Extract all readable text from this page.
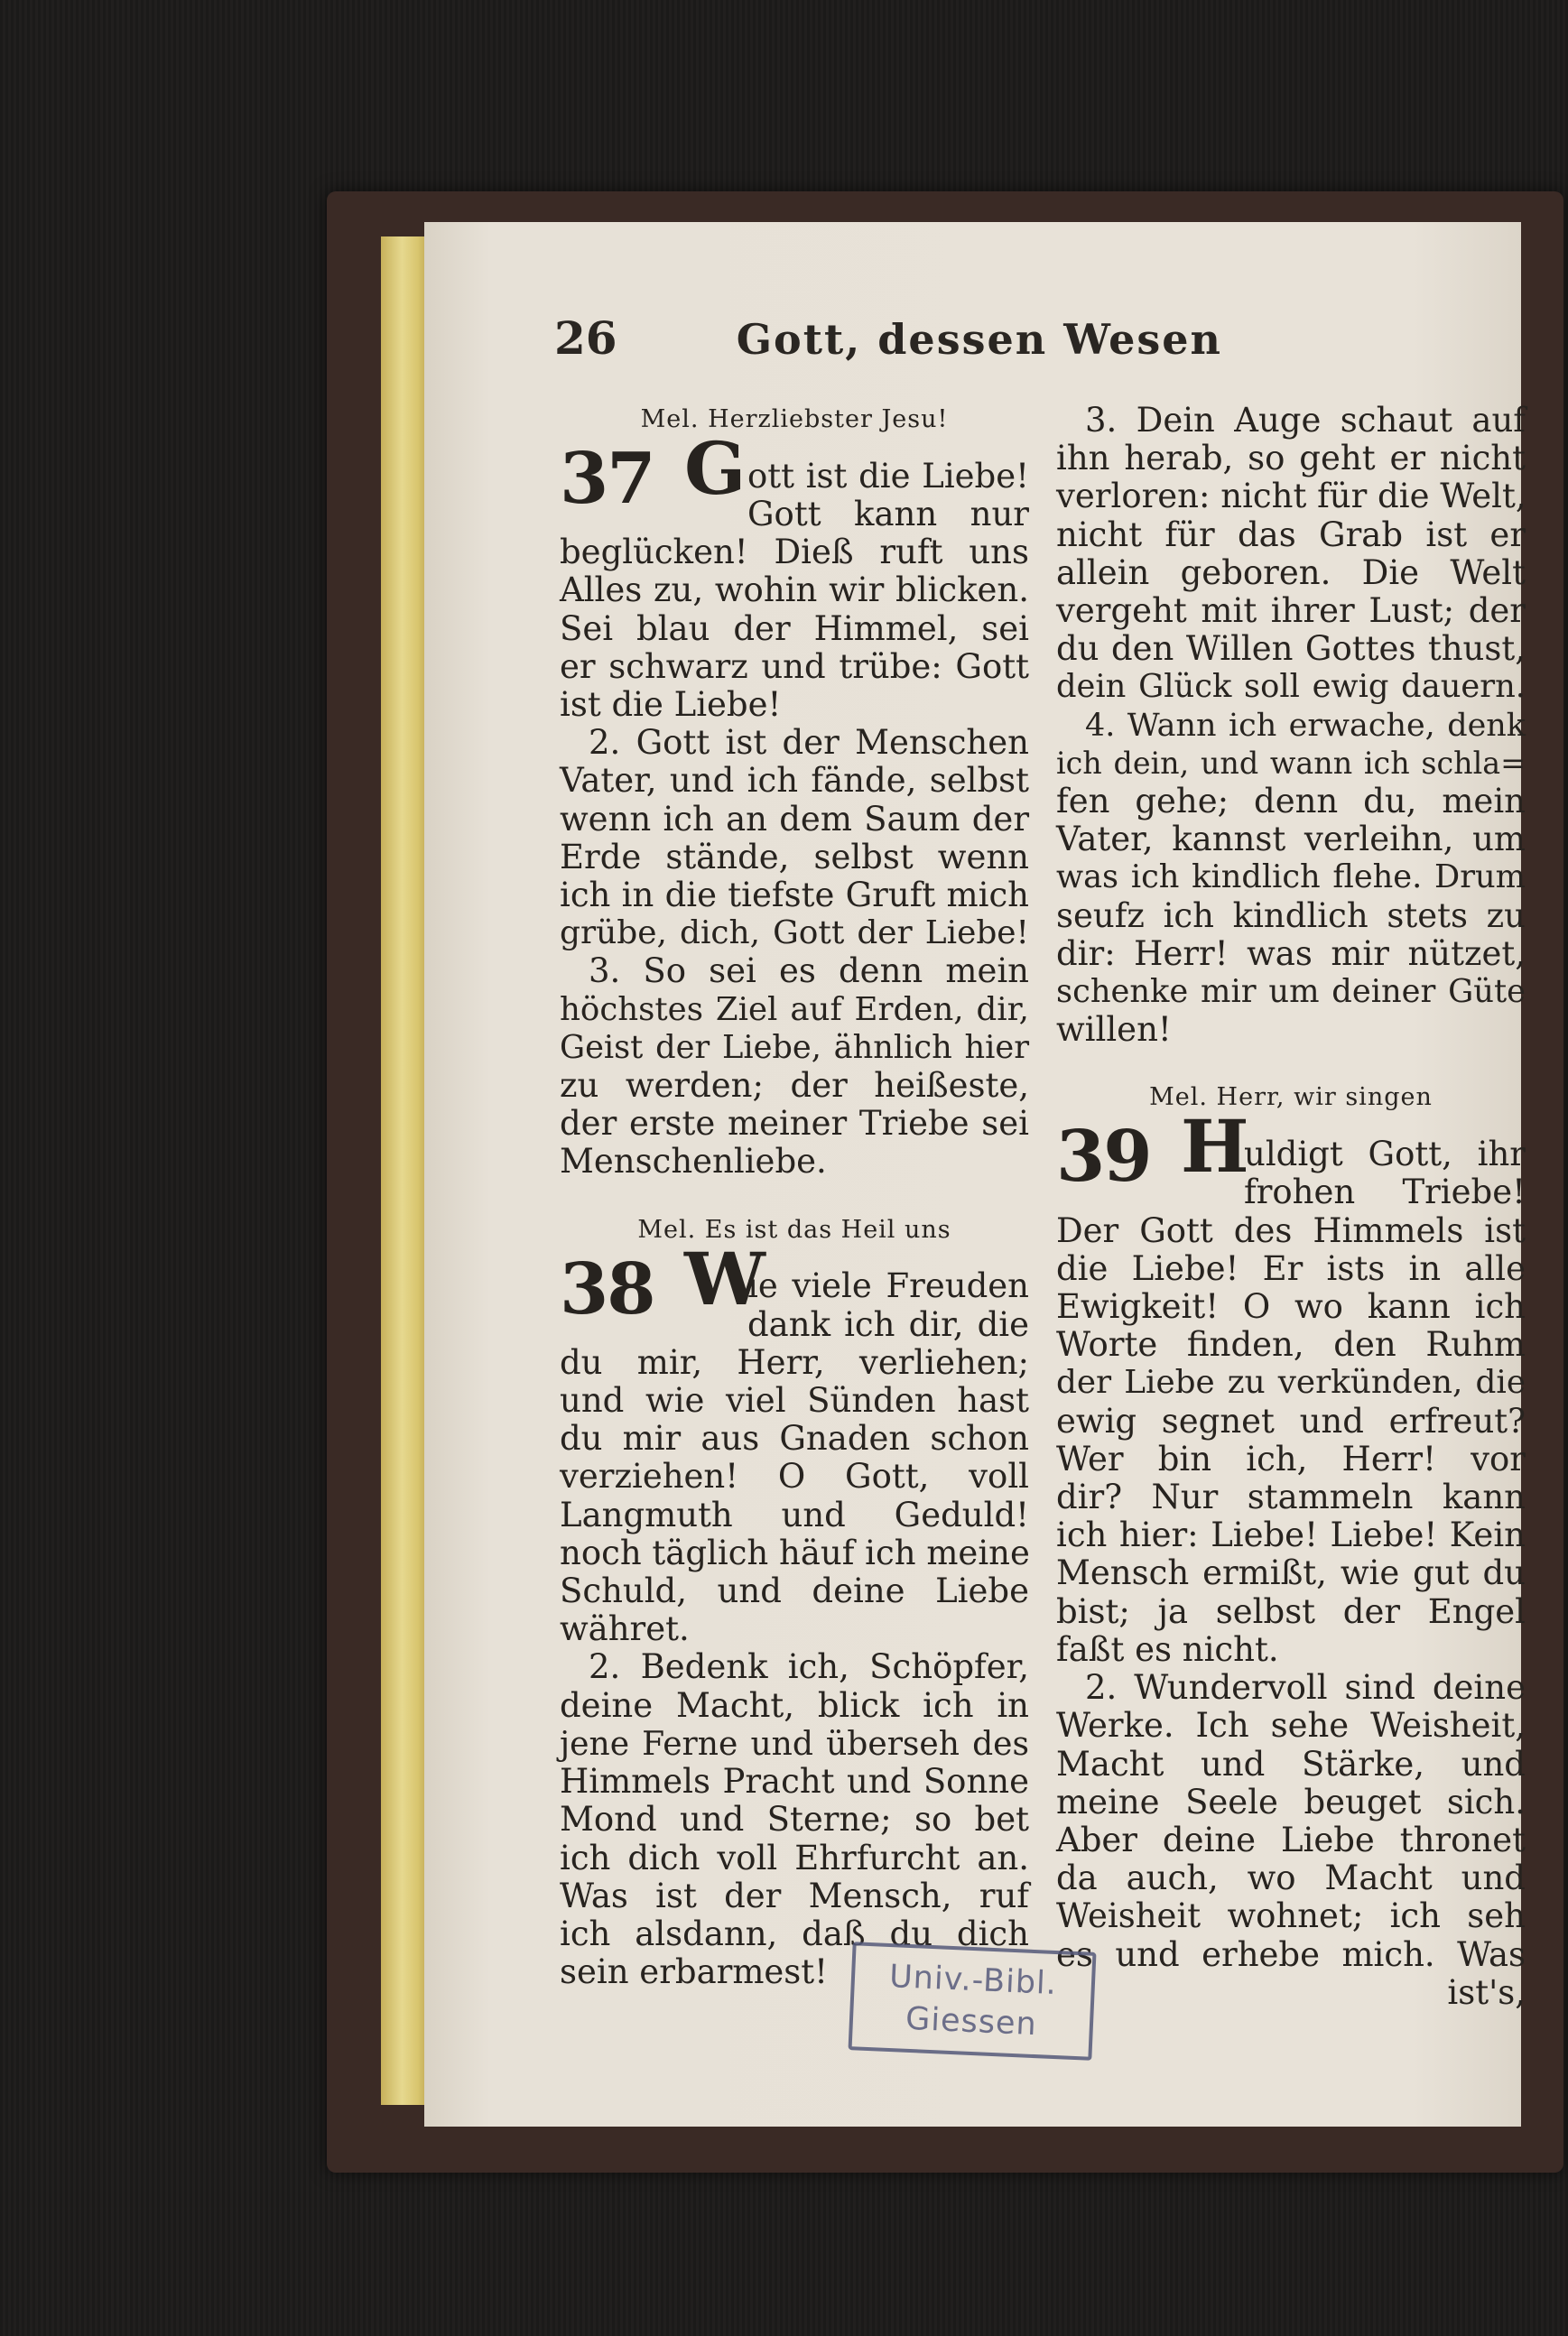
26	Gott, dessen Wesen
Mel. Herzliebster Jesu!
37 G ott ist die Liebe!
Gott kann nur
beglücken! Dieß ruft uns
Alles zu, wohin wir blicken.
Sei blau der Himmel, sei
er schwarz und trübe: Gott
ist die Liebe!
2. Gott ist der Menschen
Vater, und ich fände, selbst
wenn ich an dem Saum der
Erde stände, selbst wenn
ich in die tiefste Gruft mich
grübe, dich, Gott der Liebe!
3. So sei es denn mein
höchstes Ziel auf Erden, dir,
Geist der Liebe, ähnlich hier
zu werden; der heißeste,
der erste meiner Triebe sei
Menschenliebe.
Mel. Es ist das Heil uns
38 W
ie viele Freuden
dank ich dir, die
du mir, Herr, verliehen;
und wie viel Sünden hast
du mir aus Gnaden schon
verziehen! O Gott, voll
Langmuth und Geduld!
noch täglich häuf ich meine
Schuld, und deine Liebe
währet.
2. Bedenk ich, Schöpfer,
deine Macht, blick ich in
jene Ferne und überseh des
Himmels Pracht und Sonne
Mond und Sterne; so bet
ich dich voll Ehrfurcht an.
Was ist der Mensch, ruf
ich alsdann, daß du dich
sein erbarmest!
3. Dein Auge schaut auf
ihn herab, so geht er nicht
verloren: nicht für die Welt,
nicht für das Grab ist er
allein geboren. Die Welt
vergeht mit ihrer Lust; der
du den Willen Gottes thust,
dein Glück soll ewig dauern.
4. Wann ich erwache, denk
ich dein, und wann ich schla=
fen gehe; denn du, mein
Vater, kannst verleihn, um
was ich kindlich flehe. Drum
seufz ich kindlich stets zu
dir: Herr! was mir nützet,
schenke mir um deiner Güte
willen!
Mel. Herr, wir singen
39 H
uldigt Gott, ihr
frohen Triebe!
Der Gott des Himmels ist
die Liebe! Er ists in alle
Ewigkeit! O wo kann ich
Worte finden, den Ruhm
der Liebe zu verkünden, die
ewig segnet und erfreut?
Wer bin ich, Herr! vor
dir? Nur stammeln kann
ich hier: Liebe! Liebe! Kein
Mensch ermißt, wie gut du
bist; ja selbst der Engel
faßt es nicht.
2. Wundervoll sind deine
Werke. Ich sehe Weisheit,
Macht und Stärke, und
meine Seele beuget sich.
Aber deine Liebe thronet
da auch, wo Macht und
Weisheit wohnet; ich seh
es und erhebe mich. Was
ist's,
Univ.-Bibl.
Giessen
